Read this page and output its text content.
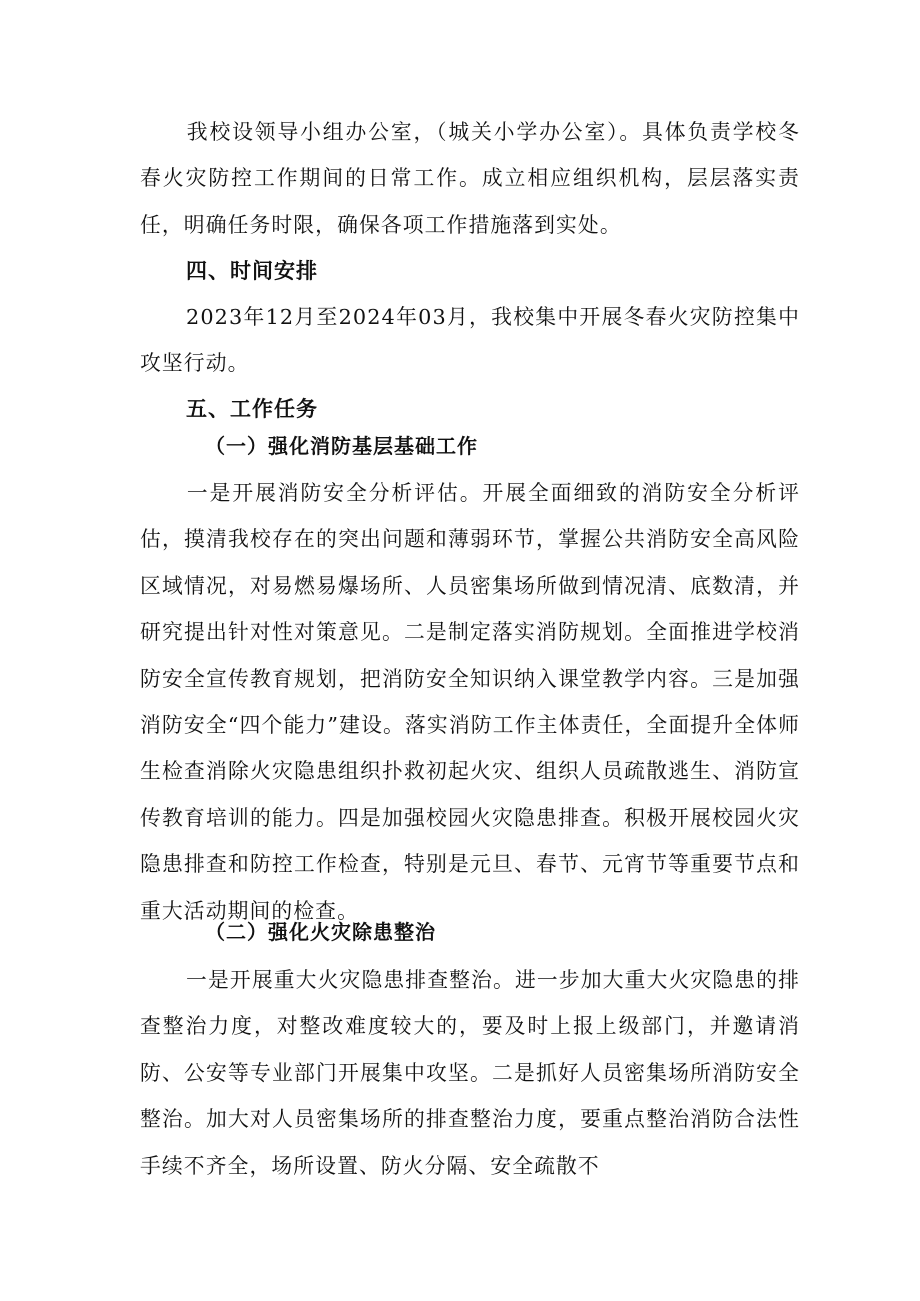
我校设领导小组办公室，（城关小学办公室）。具体负责学校冬春火灾防控工作期间的日常工作。成立相应组织机构，层层落实责任，明确任务时限，确保各项工作措施落到实处。

四、时间安排

2023年12月至2024年03月，我校集中开展冬春火灾防控集中攻坚行动。

五、工作任务
（一）强化消防基层基础工作

一是开展消防安全分析评估。开展全面细致的消防安全分析评估，摸清我校存在的突出问题和薄弱环节，掌握公共消防安全高风险区域情况，对易燃易爆场所、人员密集场所做到情况清、底数清，并研究提出针对性对策意见。二是制定落实消防规划。全面推进学校消防安全宣传教育规划，把消防安全知识纳入课堂教学内容。三是加强消防安全“四个能力”建设。落实消防工作主体责任，全面提升全体师生检查消除火灾隐患组织扑救初起火灾、组织人员疏散逃生、消防宣传教育培训的能力。四是加强校园火灾隐患排查。积极开展校园火灾隐患排查和防控工作检查，特别是元旦、春节、元宵节等重要节点和重大活动期间的检查。

（二）强化火灾除患整治

一是开展重大火灾隐患排查整治。进一步加大重大火灾隐患的排查整治力度，对整改难度较大的，要及时上报上级部门，并邀请消防、公安等专业部门开展集中攻坚。二是抓好人员密集场所消防安全整治。加大对人员密集场所的排查整治力度，要重点整治消防合法性手续不齐全，场所设置、防火分隔、安全疏散不
